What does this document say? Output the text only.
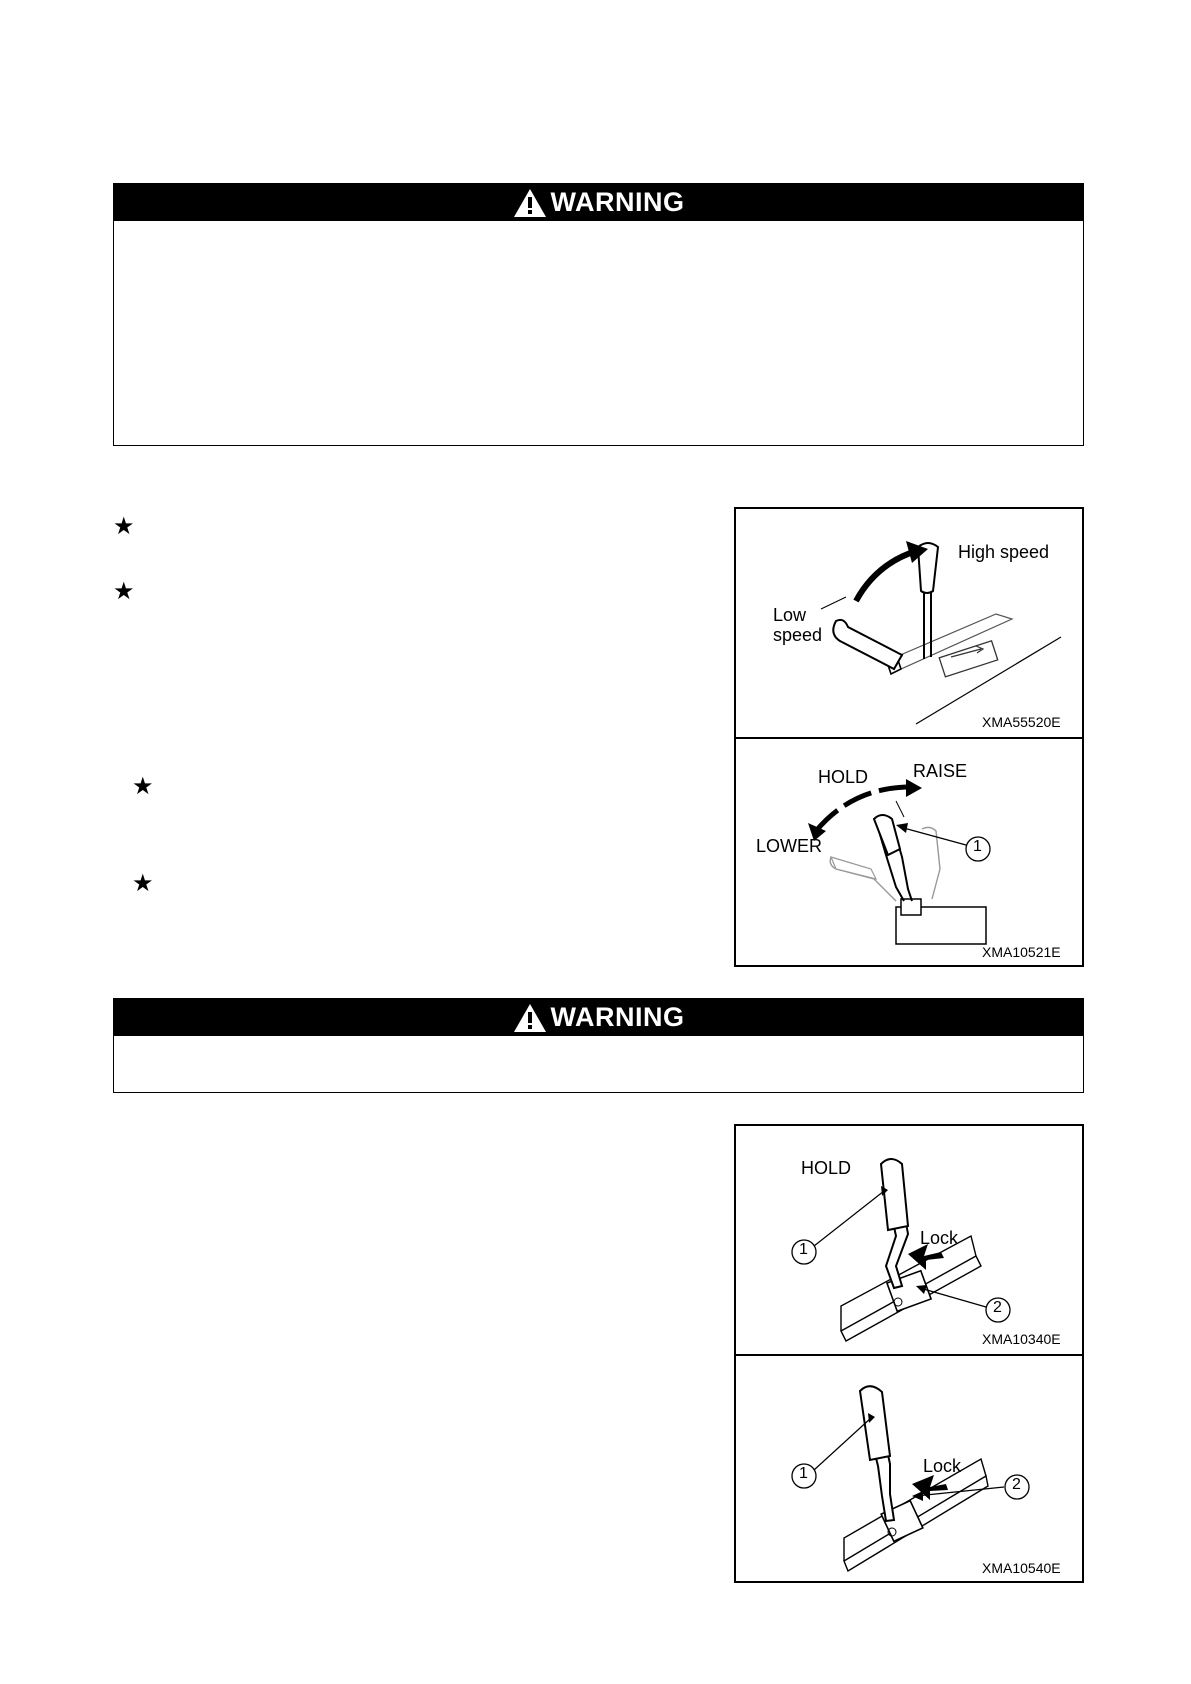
WARNING
★
★
★
★
High speed
Low
speed
XMA55520E
HOLD RAISE
LOWER	1
XMA10521E
WARNING
HOLD
Lock
1
2
XMA10340E
Lock
1
2
XMA10540E
